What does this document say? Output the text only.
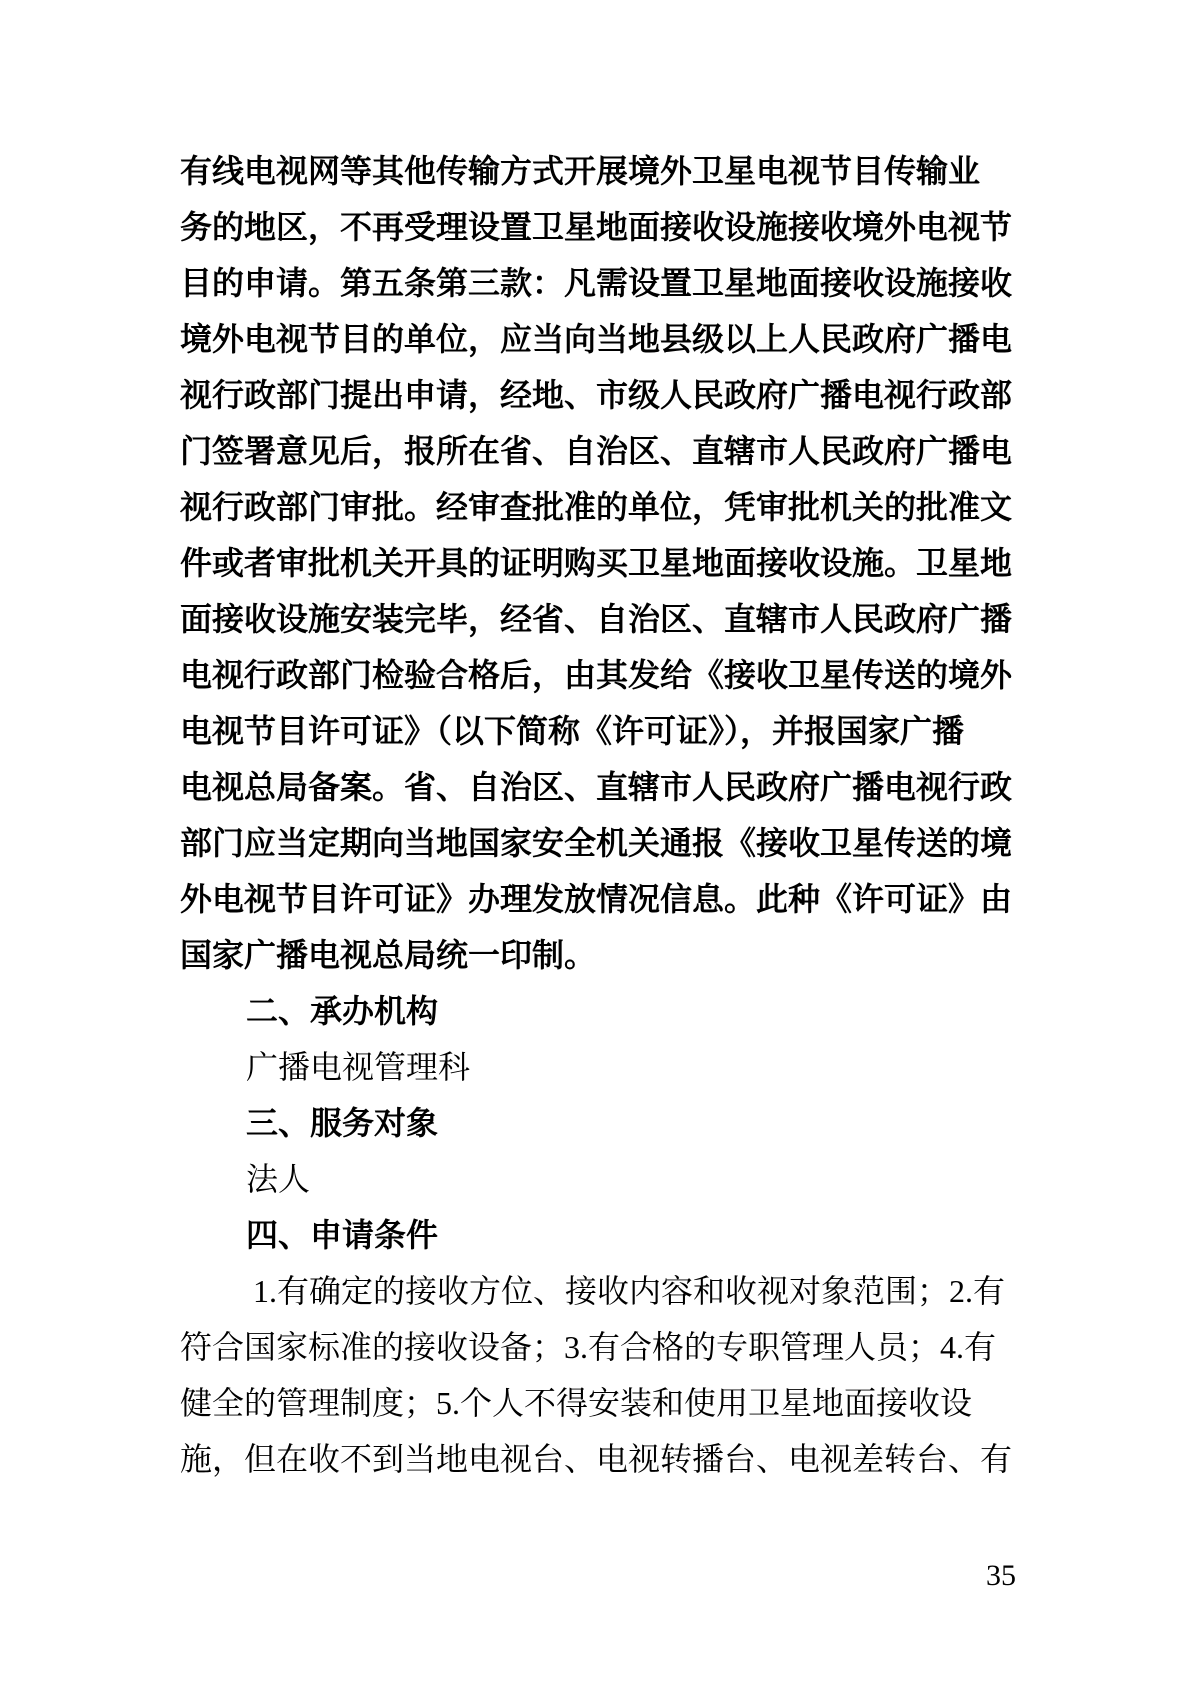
有线电视网等其他传输方式开展境外卫星电视节目传输业
务的地区，不再受理设置卫星地面接收设施接收境外电视节
目的申请。第五条第三款：凡需设置卫星地面接收设施接收
境外电视节目的单位，应当向当地县级以上人民政府广播电
视行政部门提出申请，经地、市级人民政府广播电视行政部
门签署意见后，报所在省、自治区、直辖市人民政府广播电
视行政部门审批。经审查批准的单位，凭审批机关的批准文
件或者审批机关开具的证明购买卫星地面接收设施。卫星地
面接收设施安装完毕，经省、自治区、直辖市人民政府广播
电视行政部门检验合格后，由其发给《接收卫星传送的境外
电视节目许可证》（以下简称《许可证》），并报国家广播
电视总局备案。省、自治区、直辖市人民政府广播电视行政
部门应当定期向当地国家安全机关通报《接收卫星传送的境
外电视节目许可证》办理发放情况信息。此种《许可证》由
国家广播电视总局统一印制。
二、承办机构
广播电视管理科
三、服务对象
法人
四、申请条件
1.有确定的接收方位、接收内容和收视对象范围；2.有
符合国家标准的接收设备；3.有合格的专职管理人员；4.有
健全的管理制度；5.个人不得安装和使用卫星地面接收设
施，但在收不到当地电视台、电视转播台、电视差转台、有
35
